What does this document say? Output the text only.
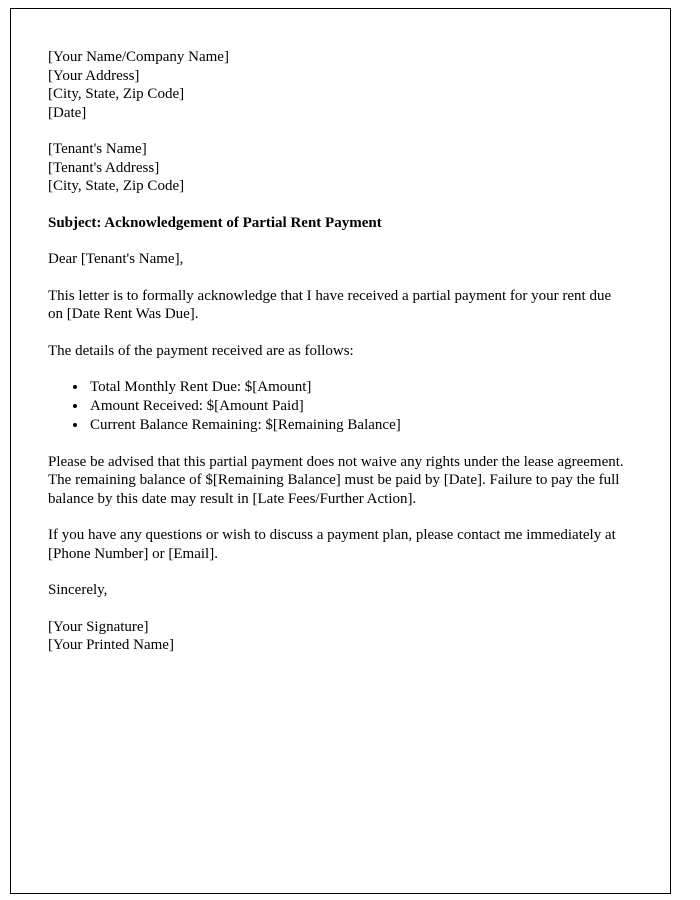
[Your Name/Company Name]

[Your Address]

[City, State, Zip Code]

[Date]

[Tenant's Name]

[Tenant's Address]

[City, State, Zip Code]

Subject: Acknowledgement of Partial Rent Payment

Dear [Tenant's Name],

This letter is to formally acknowledge that I have received a partial payment for your rent due on [Date Rent Was Due].

The details of the payment received are as follows:

• Total Monthly Rent Due: $[Amount]
• Amount Received: $[Amount Paid]
• Current Balance Remaining: $[Remaining Balance]

Please be advised that this partial payment does not waive any rights under the lease agreement. The remaining balance of $[Remaining Balance] must be paid by [Date]. Failure to pay the full balance by this date may result in [Late Fees/Further Action].

If you have any questions or wish to discuss a payment plan, please contact me immediately at [Phone Number] or [Email].

Sincerely,

[Your Signature]

[Your Printed Name]
